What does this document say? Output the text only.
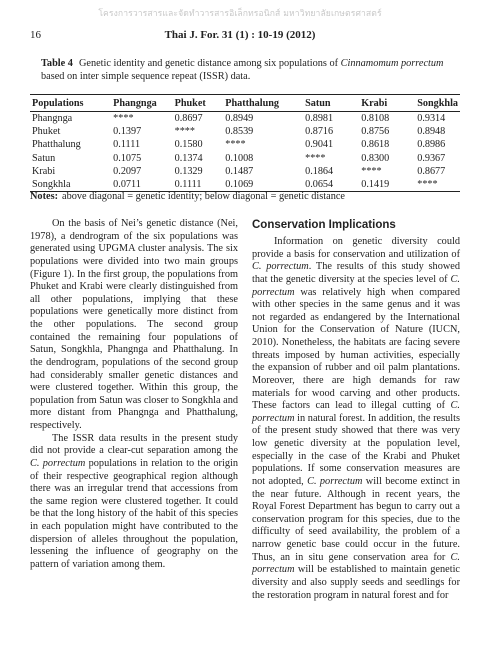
โครงการวารสารและจัดทำวารสารอิเล็กทรอนิกส์ มหาวิทยาลัยเกษตรศาสตร์
16	Thai J. For. 31 (1) : 10-19 (2012)
Table 4 Genetic identity and genetic distance among six populations of Cinnamomum porrectum based on inter simple sequence repeat (ISSR) data.
Populations	Phangnga	Phuket	Phatthalung	Satun	Krabi	Songkhla
Phangnga	****	0.8697	0.8949	0.8981	0.8108	0.9314
Phuket	0.1397	****	0.8539	0.8716	0.8756	0.8948
Phatthalung	0.1111	0.1580	****	0.9041	0.8618	0.8986
Satun	0.1075	0.1374	0.1008	****	0.8300	0.9367
Krabi	0.2097	0.1329	0.1487	0.1864	****	0.8677
Songkhla	0.0711	0.1111	0.1069	0.0654	0.1419	****
Notes: above diagonal = genetic identity; below diagonal = genetic distance

On the basis of Nei’s genetic distance (Nei, 1978), a dendrogram of the six populations was generated using UPGMA cluster analysis. The six populations were divided into two main groups (Figure 1). In the first group, the populations from Phuket and Krabi were clearly distinguished from all other populations, implying that these populations were genetically more distinct from the other populations. The second group contained the remaining four populations of Satun, Songkhla, Phangnga and Phatthalung. In the dendrogram, populations of the second group had considerably smaller genetic distances and were clustered together. Within this group, the population from Satun was closer to Songkhla and more distant from Phangnga and Phatthalung, respectively.

The ISSR data results in the present study did not provide a clear-cut separation among the C. porrectum populations in relation to the origin of their respective geographical region although there was an irregular trend that accessions from the same region were clustered together. It could be that the long history of the habit of this species in each population might have contributed to the dispersion of alleles throughout the population, lessening the influence of geography on the pattern of variation among them.

Conservation Implications

Information on genetic diversity could provide a basis for conservation and utilization of C. porrectum. The results of this study showed that the genetic diversity at the species level of C. porrectum was relatively high when compared with other species in the same genus and it was not regarded as endangered by the International Union for the Conservation of Nature (IUCN, 2010). Nonetheless, the habitats are facing severe threats imposed by human activities, especially the expansion of rubber and oil palm plantations. Moreover, there are high demands for raw materials for wood carving and other products. These factors can lead to illegal cutting of C. porrectum in natural forest. In addition, the results of the present study showed that there was very low genetic diversity at the population level, especially in the case of the Krabi and Phuket populations. If some conservation measures are not adopted, C. porrectum will become extinct in the near future. Although in recent years, the Royal Forest Department has begun to carry out a conservation program for this species, due to the difficulty of seed availability, the problem of a narrow genetic base could occur in the future. Thus, an in situ gene conservation area for C. porrectum will be established to maintain genetic diversity and also supply seeds and seedlings for the restoration program in natural forest and for
